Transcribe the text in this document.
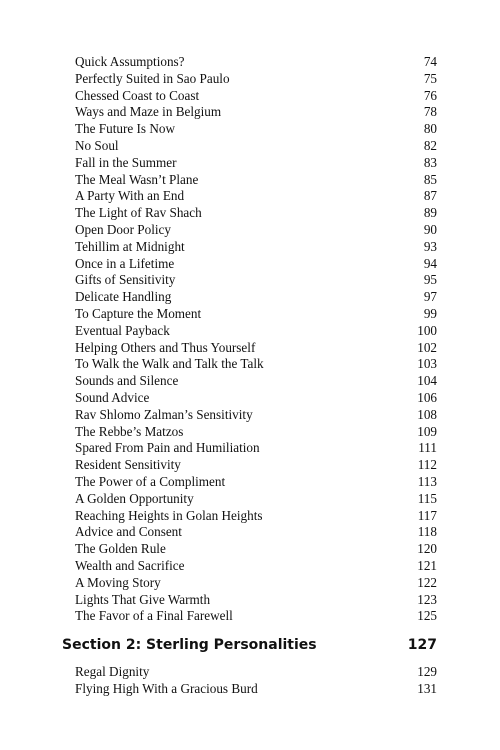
Quick Assumptions?	74
Perfectly Suited in Sao Paulo	75
Chessed Coast to Coast	76
Ways and Maze in Belgium	78
The Future Is Now	80
No Soul	82
Fall in the Summer	83
The Meal Wasn’t Plane	85
A Party With an End	87
The Light of Rav Shach	89
Open Door Policy	90
Tehillim at Midnight	93
Once in a Lifetime	94
Gifts of Sensitivity	95
Delicate Handling	97
To Capture the Moment	99
Eventual Payback	100
Helping Others and Thus Yourself	102
To Walk the Walk and Talk the Talk	103
Sounds and Silence	104
Sound Advice	106
Rav Shlomo Zalman’s Sensitivity	108
The Rebbe’s Matzos	109
Spared From Pain and Humiliation	111
Resident Sensitivity	112
The Power of a Compliment	113
A Golden Opportunity	115
Reaching Heights in Golan Heights	117
Advice and Consent	118
The Golden Rule	120
Wealth and Sacrifice	121
A Moving Story	122
Lights That Give Warmth	123
The Favor of a Final Farewell	125
Section 2: Sterling Personalities	127
Regal Dignity	129
Flying High With a Gracious Burd	131
